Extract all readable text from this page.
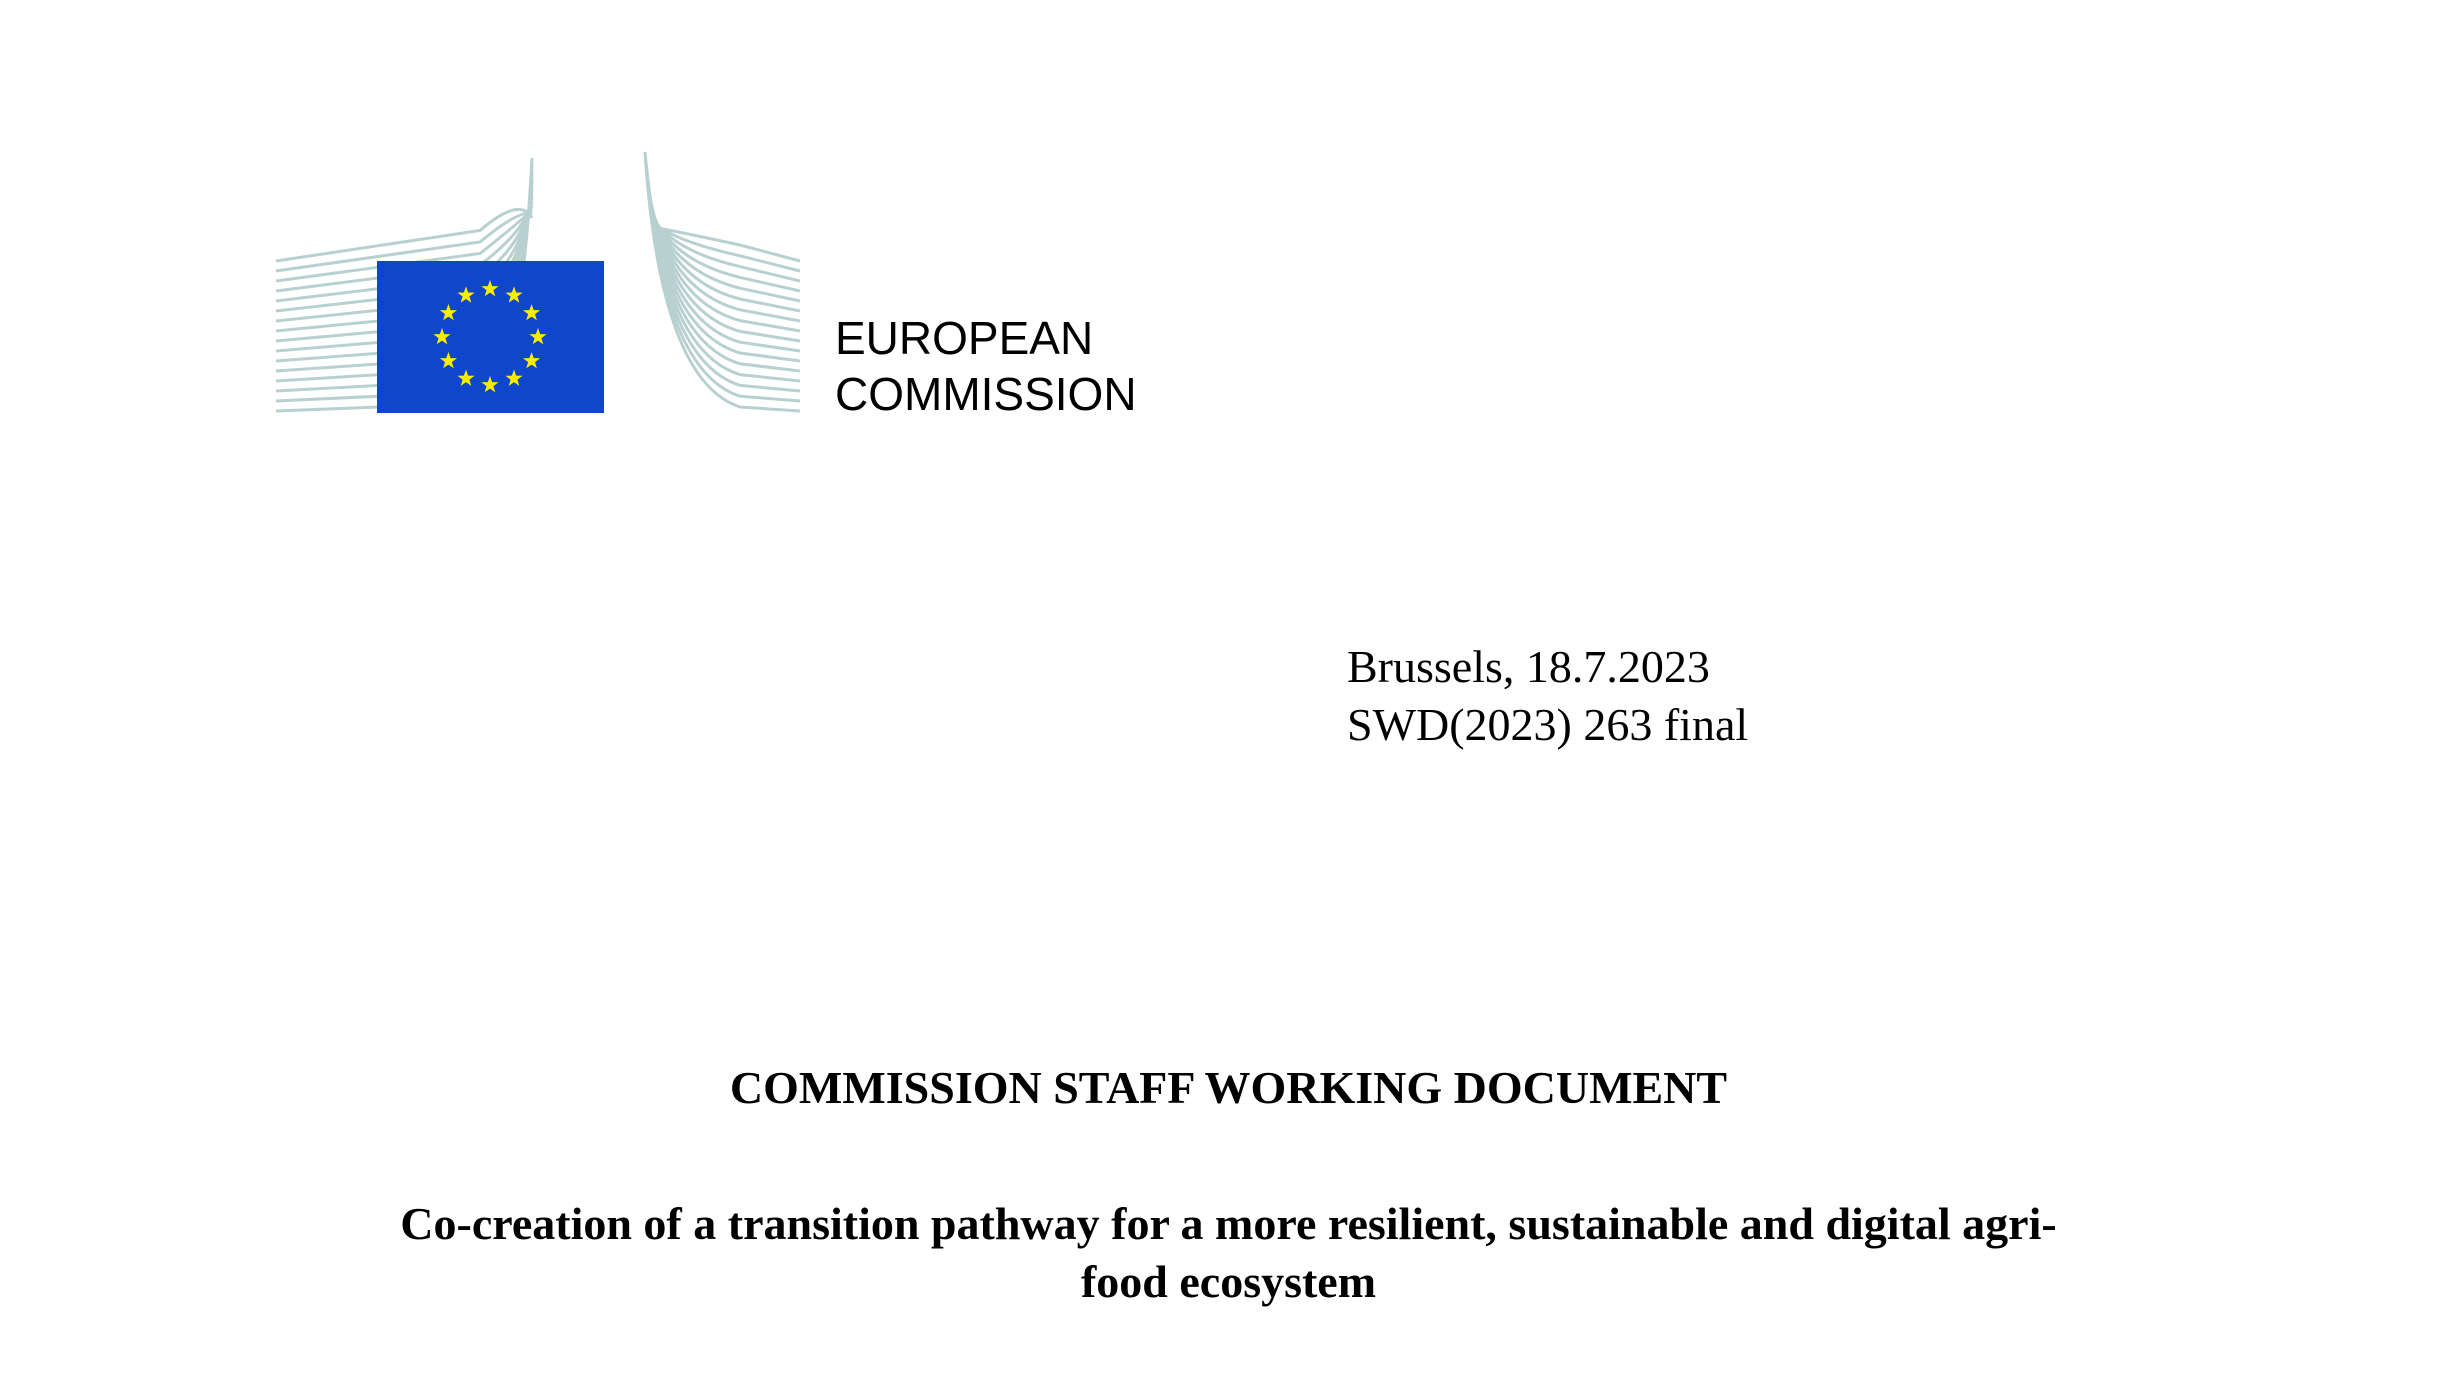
EUROPEAN
COMMISSION
Brussels, 18.7.2023
SWD(2023) 263 final
COMMISSION STAFF WORKING DOCUMENT
Co-creation of a transition pathway for a more resilient, sustainable and digital agri-
food ecosystem
